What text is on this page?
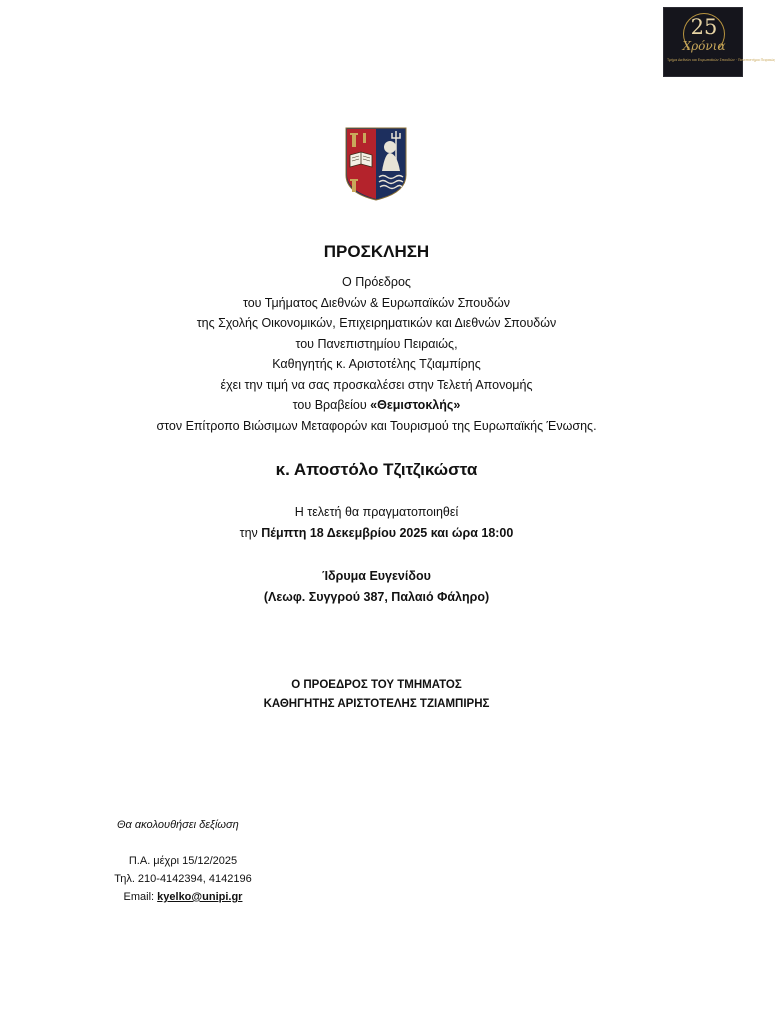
25
Χρόνια
Τμήμα Διεθνών και Ευρωπαϊκών Σπουδών · Πανεπιστήμιο Πειραιώς
ΠΡΟΣΚΛΗΣΗ
Ο Πρόεδρος
του Τμήματος Διεθνών & Ευρωπαϊκών Σπουδών
της Σχολής Οικονομικών, Επιχειρηματικών και Διεθνών Σπουδών
του Πανεπιστημίου Πειραιώς,
Καθηγητής κ. Αριστοτέλης Τζιαμπίρης
έχει την τιμή να σας προσκαλέσει στην Τελετή Απονομής
του Βραβείου «Θεμιστοκλής»
στον Επίτροπο Βιώσιμων Μεταφορών και Τουρισμού της Ευρωπαϊκής Ένωσης.
κ. Αποστόλο Τζιτζικώστα
Η τελετή θα πραγματοποιηθεί
την Πέμπτη 18 Δεκεμβρίου 2025 και ώρα 18:00
Ίδρυμα Ευγενίδου
(Λεωφ. Συγγρού 387, Παλαιό Φάληρο)
Ο ΠΡΟΕΔΡΟΣ ΤΟΥ ΤΜΗΜΑΤΟΣ
ΚΑΘΗΓΗΤΗΣ ΑΡΙΣΤΟΤΕΛΗΣ ΤΖΙΑΜΠΙΡΗΣ
Θα ακολουθήσει δεξίωση
Π.Α. μέχρι 15/12/2025
Τηλ. 210-4142394, 4142196
Email: kyelko@unipi.gr
